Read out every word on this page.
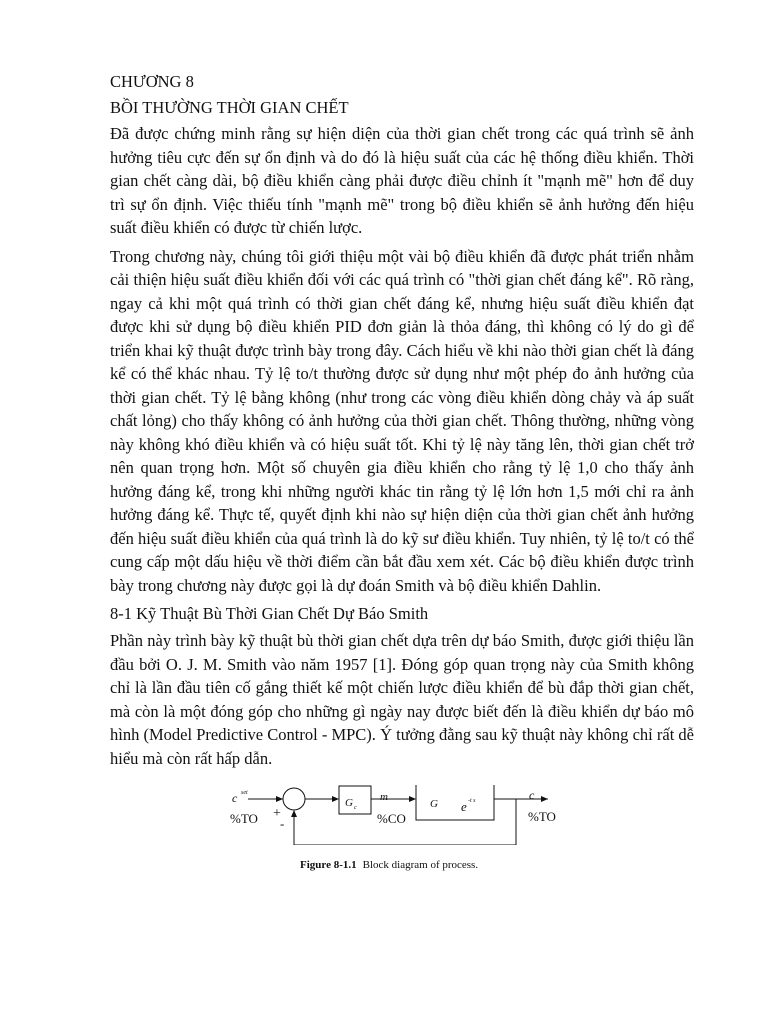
CHƯƠNG 8
BỒI THƯỜNG THỜI GIAN CHẾT

Đã được chứng minh rằng sự hiện diện của thời gian chết trong các quá trình sẽ ảnh hưởng tiêu cực đến sự ổn định và do đó là hiệu suất của các hệ thống điều khiển. Thời gian chết càng dài, bộ điều khiển càng phải được điều chỉnh ít "mạnh mẽ" hơn để duy trì sự ổn định. Việc thiếu tính "mạnh mẽ" trong bộ điều khiển sẽ ảnh hưởng đến hiệu suất điều khiển có được từ chiến lược.

Trong chương này, chúng tôi giới thiệu một vài bộ điều khiển đã được phát triển nhằm cải thiện hiệu suất điều khiển đối với các quá trình có "thời gian chết đáng kể". Rõ ràng, ngay cả khi một quá trình có thời gian chết đáng kể, nhưng hiệu suất điều khiển đạt được khi sử dụng bộ điều khiển PID đơn giản là thỏa đáng, thì không có lý do gì để triển khai kỹ thuật được trình bày trong đây. Cách hiểu về khi nào thời gian chết là đáng kể có thể khác nhau. Tỷ lệ to/t thường được sử dụng như một phép đo ảnh hưởng của thời gian chết. Tỷ lệ bằng không (như trong các vòng điều khiển dòng chảy và áp suất chất lỏng) cho thấy không có ảnh hưởng của thời gian chết. Thông thường, những vòng này không khó điều khiển và có hiệu suất tốt. Khi tỷ lệ này tăng lên, thời gian chết trở nên quan trọng hơn. Một số chuyên gia điều khiển cho rằng tỷ lệ 1,0 cho thấy ảnh hưởng đáng kể, trong khi những người khác tin rằng tỷ lệ lớn hơn 1,5 mới chỉ ra ảnh hưởng đáng kể. Thực tế, quyết định khi nào sự hiện diện của thời gian chết ảnh hưởng đến hiệu suất điều khiển của quá trình là do kỹ sư điều khiển. Tuy nhiên, tỷ lệ to/t có thể cung cấp một dấu hiệu về thời điểm cần bắt đầu xem xét. Các bộ điều khiển được trình bày trong chương này được gọi là dự đoán Smith và bộ điều khiển Dahlin.

8-1 Kỹ Thuật Bù Thời Gian Chết Dự Báo Smith

Phần này trình bày kỹ thuật bù thời gian chết dựa trên dự báo Smith, được giới thiệu lần đầu bởi O. J. M. Smith vào năm 1957 [1]. Đóng góp quan trọng này của Smith không chỉ là lần đầu tiên cố gắng thiết kế một chiến lược điều khiển để bù đắp thời gian chết, mà còn là một đóng góp cho những gì ngày nay được biết đến là điều khiển dự báo mô hình (Model Predictive Control - MPC). Ý tưởng đằng sau kỹ thuật này không chỉ rất dễ hiểu mà còn rất hấp dẫn.

c set
%TO +
-
G c
m
%CO
G e -t s	c
%TO
Figure 8-1.1 Block diagram of process.
